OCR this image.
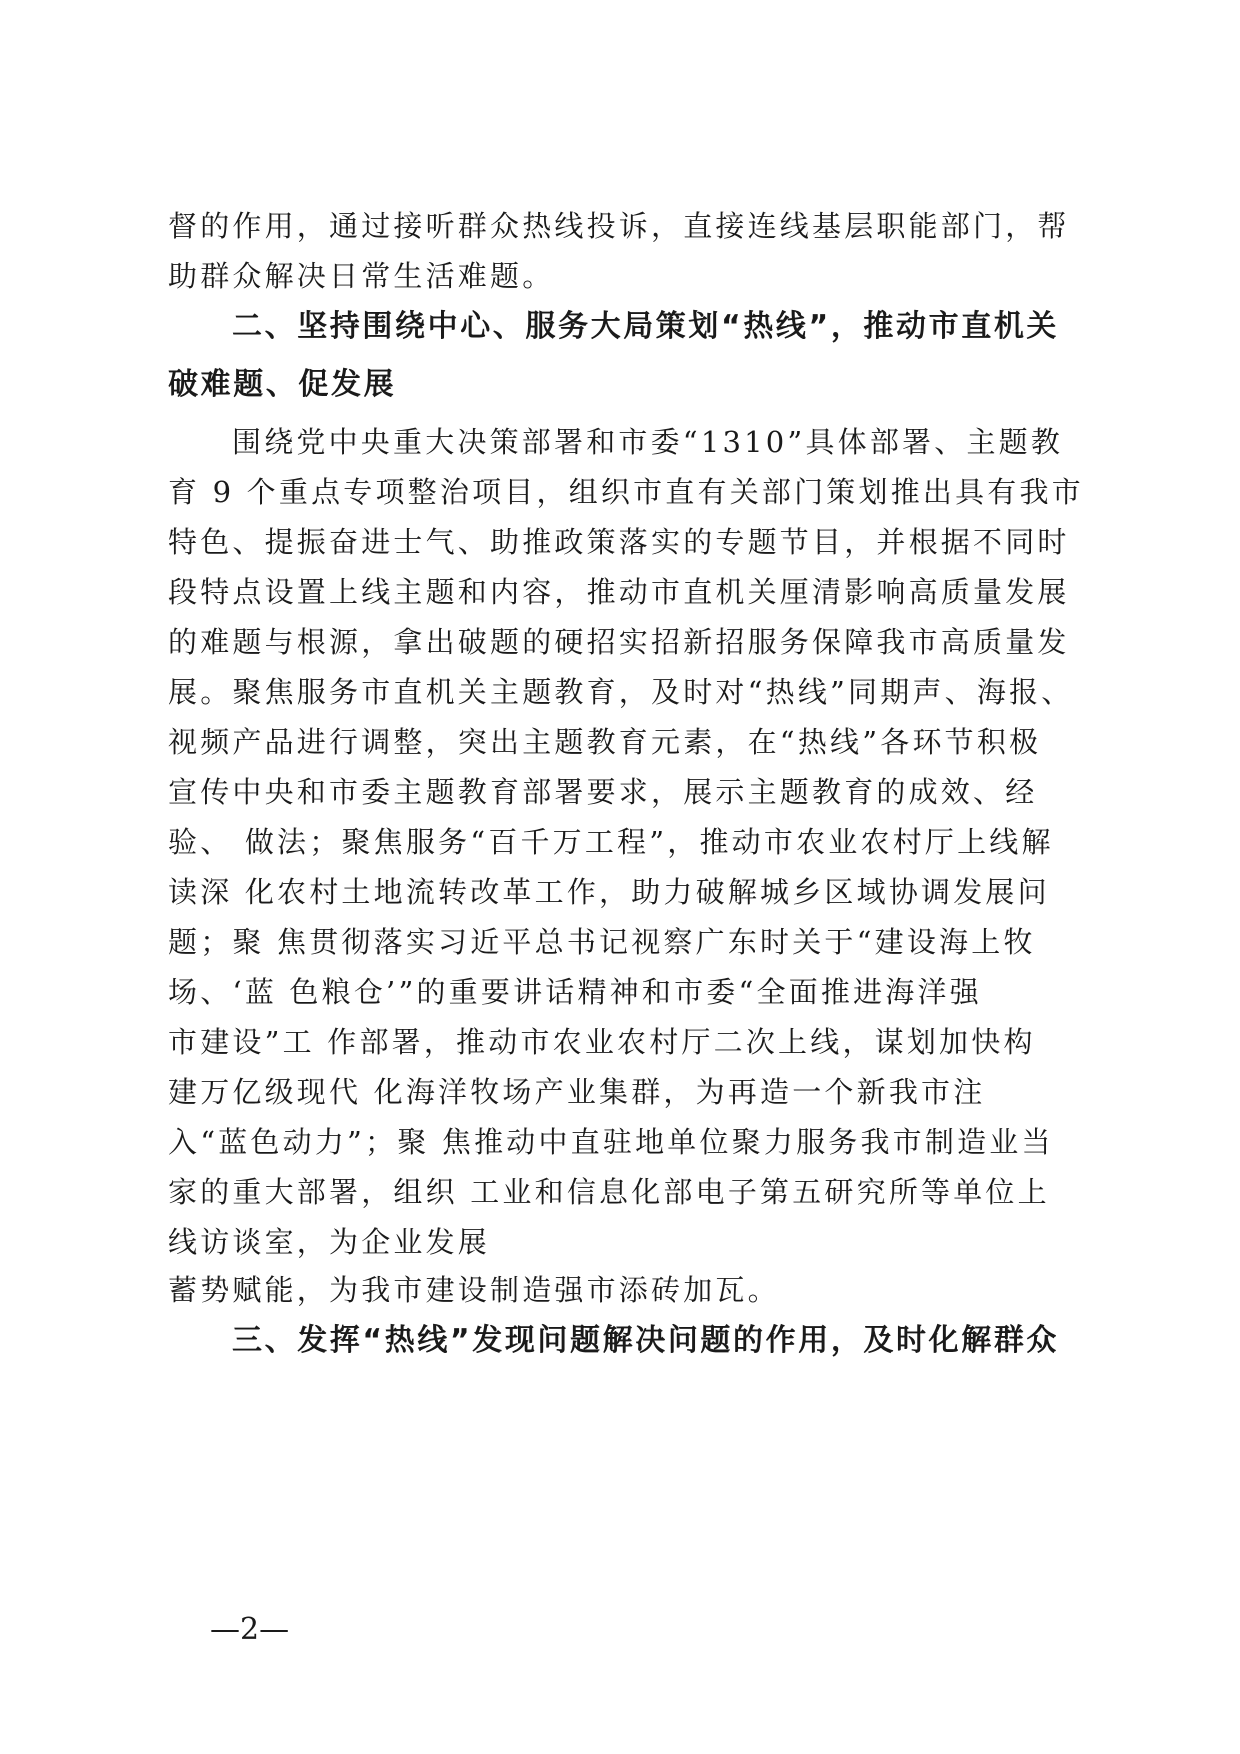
督的作用，通过接听群众热线投诉，直接连线基层职能部门，帮
助群众解决日常生活难题。
二、坚持围绕中心、服务大局策划“热线”，推动市直机关
破难题、促发展
围绕党中央重大决策部署和市委“1310”具体部署、主题教
育 9 个重点专项整治项目，组织市直有关部门策划推出具有我市
特色、提振奋进士气、助推政策落实的专题节目，并根据不同时
段特点设置上线主题和内容，推动市直机关厘清影响高质量发展
的难题与根源，拿出破题的硬招实招新招服务保障我市高质量发
展。聚焦服务市直机关主题教育，及时对“热线”同期声、海报、
视频产品进行调整，突出主题教育元素，在“热线”各环节积极
宣传中央和市委主题教育部署要求，展示主题教育的成效、经
验、 做法；聚焦服务“百千万工程”，推动市农业农村厅上线解
读深 化农村土地流转改革工作，助力破解城乡区域协调发展问
题；聚 焦贯彻落实习近平总书记视察广东时关于“建设海上牧
场、‘蓝 色粮仓’”的重要讲话精神和市委“全面推进海洋强
市建设”工 作部署，推动市农业农村厅二次上线，谋划加快构
建万亿级现代 化海洋牧场产业集群，为再造一个新我市注
入“蓝色动力”；聚 焦推动中直驻地单位聚力服务我市制造业当
家的重大部署，组织 工业和信息化部电子第五研究所等单位上
线访谈室，为企业发展
蓄势赋能，为我市建设制造强市添砖加瓦。
三、发挥“热线”发现问题解决问题的作用，及时化解群众
—2—
